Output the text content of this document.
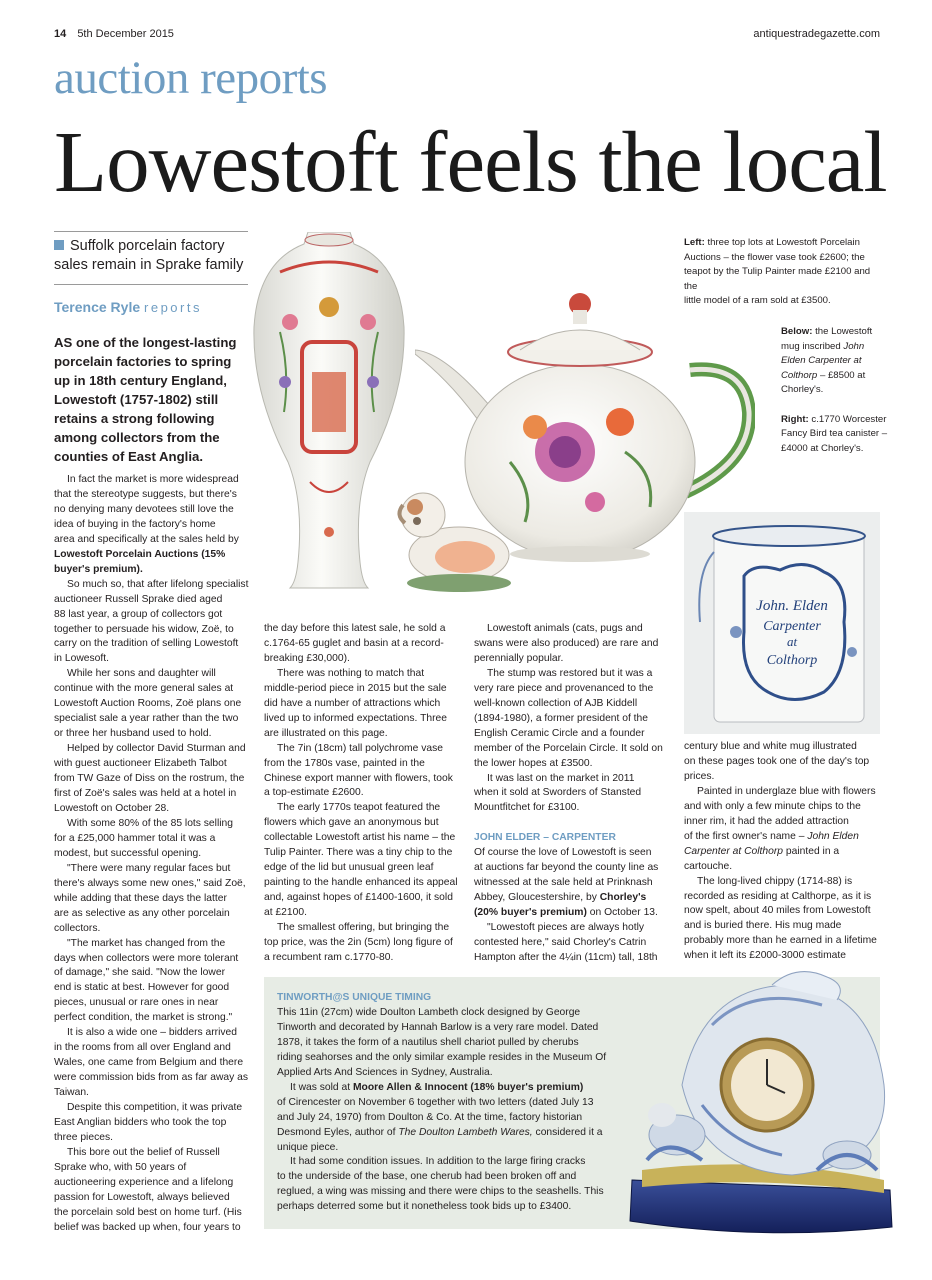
14 5th December 2015	antiquestradegazette.com
auction reports
Lowestoft feels the local
Suffolk porcelain factory
sales remain in Sprake family
Terence Ryle reports
AS one of the longest-lasting
porcelain factories to spring
up in 18th century England,
Lowestoft (1757-1802) still
retains a strong following
among collectors from the
counties of East Anglia.
In fact the market is more widespread
that the stereotype suggests, but there's
no denying many devotees still love the
idea of buying in the factory's home
area and specifically at the sales held by
Lowestoft Porcelain Auctions (15%
buyer's premium).
So much so, that after lifelong specialist
auctioneer Russell Sprake died aged
88 last year, a group of collectors got
together to persuade his widow, Zoë, to
carry on the tradition of selling Lowestoft
in Lowesoft.
While her sons and daughter will
continue with the more general sales at
Lowestoft Auction Rooms, Zoë plans one
specialist sale a year rather than the two
or three her husband used to hold.
Helped by collector David Sturman and
with guest auctioneer Elizabeth Talbot
from TW Gaze of Diss on the rostrum, the
first of Zoë's sales was held at a hotel in
Lowestoft on October 28.
With some 80% of the 85 lots selling
for a £25,000 hammer total it was a
modest, but successful opening.
"There were many regular faces but
there's always some new ones," said Zoë,
while adding that these days the latter
are as selective as any other porcelain
collectors.
"The market has changed from the
days when collectors were more tolerant
of damage," she said. "Now the lower
end is static at best. However for good
pieces, unusual or rare ones in near
perfect condition, the market is strong."
It is also a wide one – bidders arrived
in the rooms from all over England and
Wales, one came from Belgium and there
were commission bids from as far away as
Taiwan.
Despite this competition, it was private
East Anglian bidders who took the top
three pieces.
This bore out the belief of Russell
Sprake who, with 50 years of
auctioneering experience and a lifelong
passion for Lowestoft, always believed
the porcelain sold best on home turf. (His
belief was backed up when, four years to
the day before this latest sale, he sold a
c.1764-65 guglet and basin at a record-
breaking £30,000).
There was nothing to match that
middle-period piece in 2015 but the sale
did have a number of attractions which
lived up to informed expectations. Three
are illustrated on this page.
The 7in (18cm) tall polychrome vase
from the 1780s vase, painted in the
Chinese export manner with flowers, took
a top-estimate £2600.
The early 1770s teapot featured the
flowers which gave an anonymous but
collectable Lowestoft artist his name – the
Tulip Painter. There was a tiny chip to the
edge of the lid but unusual green leaf
painting to the handle enhanced its appeal
and, against hopes of £1400-1600, it sold
at £2100.
The smallest offering, but bringing the
top price, was the 2in (5cm) long figure of
a recumbent ram c.1770-80.
Lowestoft animals (cats, pugs and
swans were also produced) are rare and
perennially popular.
The stump was restored but it was a
very rare piece and provenanced to the
well-known collection of AJB Kiddell
(1894-1980), a former president of the
English Ceramic Circle and a founder
member of the Porcelain Circle. It sold on
the lower hopes at £3500.
It was last on the market in 2011
when it sold at Sworders of Stansted
Mountfitchet for £3100.
JOHN ELDER – CARPENTER
Of course the love of Lowestoft is seen
at auctions far beyond the county line as
witnessed at the sale held at Prinknash
Abbey, Gloucestershire, by Chorley's
(20% buyer's premium) on October 13.
"Lowestoft pieces are always hotly
contested here," said Chorley's Catrin
Hampton after the 4¼in (11cm) tall, 18th
century blue and white mug illustrated
on these pages took one of the day's top
prices.
Painted in underglaze blue with flowers
and with only a few minute chips to the
inner rim, it had the added attraction
of the first owner's name – John Elden
Carpenter at Colthorp painted in a
cartouche.
The long-lived chippy (1714-88) is
recorded as residing at Calthorpe, as it is
now spelt, about 40 miles from Lowestoft
and is buried there. His mug made
probably more than he earned in a lifetime
when it left its £2000-3000 estimate
Left: three top lots at Lowestoft Porcelain
Auctions – the flower vase took £2600; the
teapot by the Tulip Painter made £2100 and the
little model of a ram sold at £3500.
Below: the Lowestoft
mug inscribed John
Elden Carpenter at
Colthorp – £8500 at
Chorley's.
Right: c.1770 Worcester
Fancy Bird tea canister –
£4000 at Chorley's.
John. Elden
Carpenter
at
Colthorp
TINWORTH@S UNIQUE TIMING
This 11in (27cm) wide Doulton Lambeth clock designed by George
Tinworth and decorated by Hannah Barlow is a very rare model. Dated
1878, it takes the form of a nautilus shell chariot pulled by cherubs
riding seahorses and the only similar example resides in the Museum Of
Applied Arts And Sciences in Sydney, Australia.
It was sold at Moore Allen & Innocent (18% buyer's premium)
of Cirencester on November 6 together with two letters (dated July 13
and July 24, 1970) from Doulton & Co. At the time, factory historian
Desmond Eyles, author of The Doulton Lambeth Wares, considered it a
unique piece.
It had some condition issues. In addition to the large firing cracks
to the underside of the base, one cherub had been broken off and
reglued, a wing was missing and there were chips to the seashells. This
perhaps deterred some but it nonetheless took bids up to £3400.
